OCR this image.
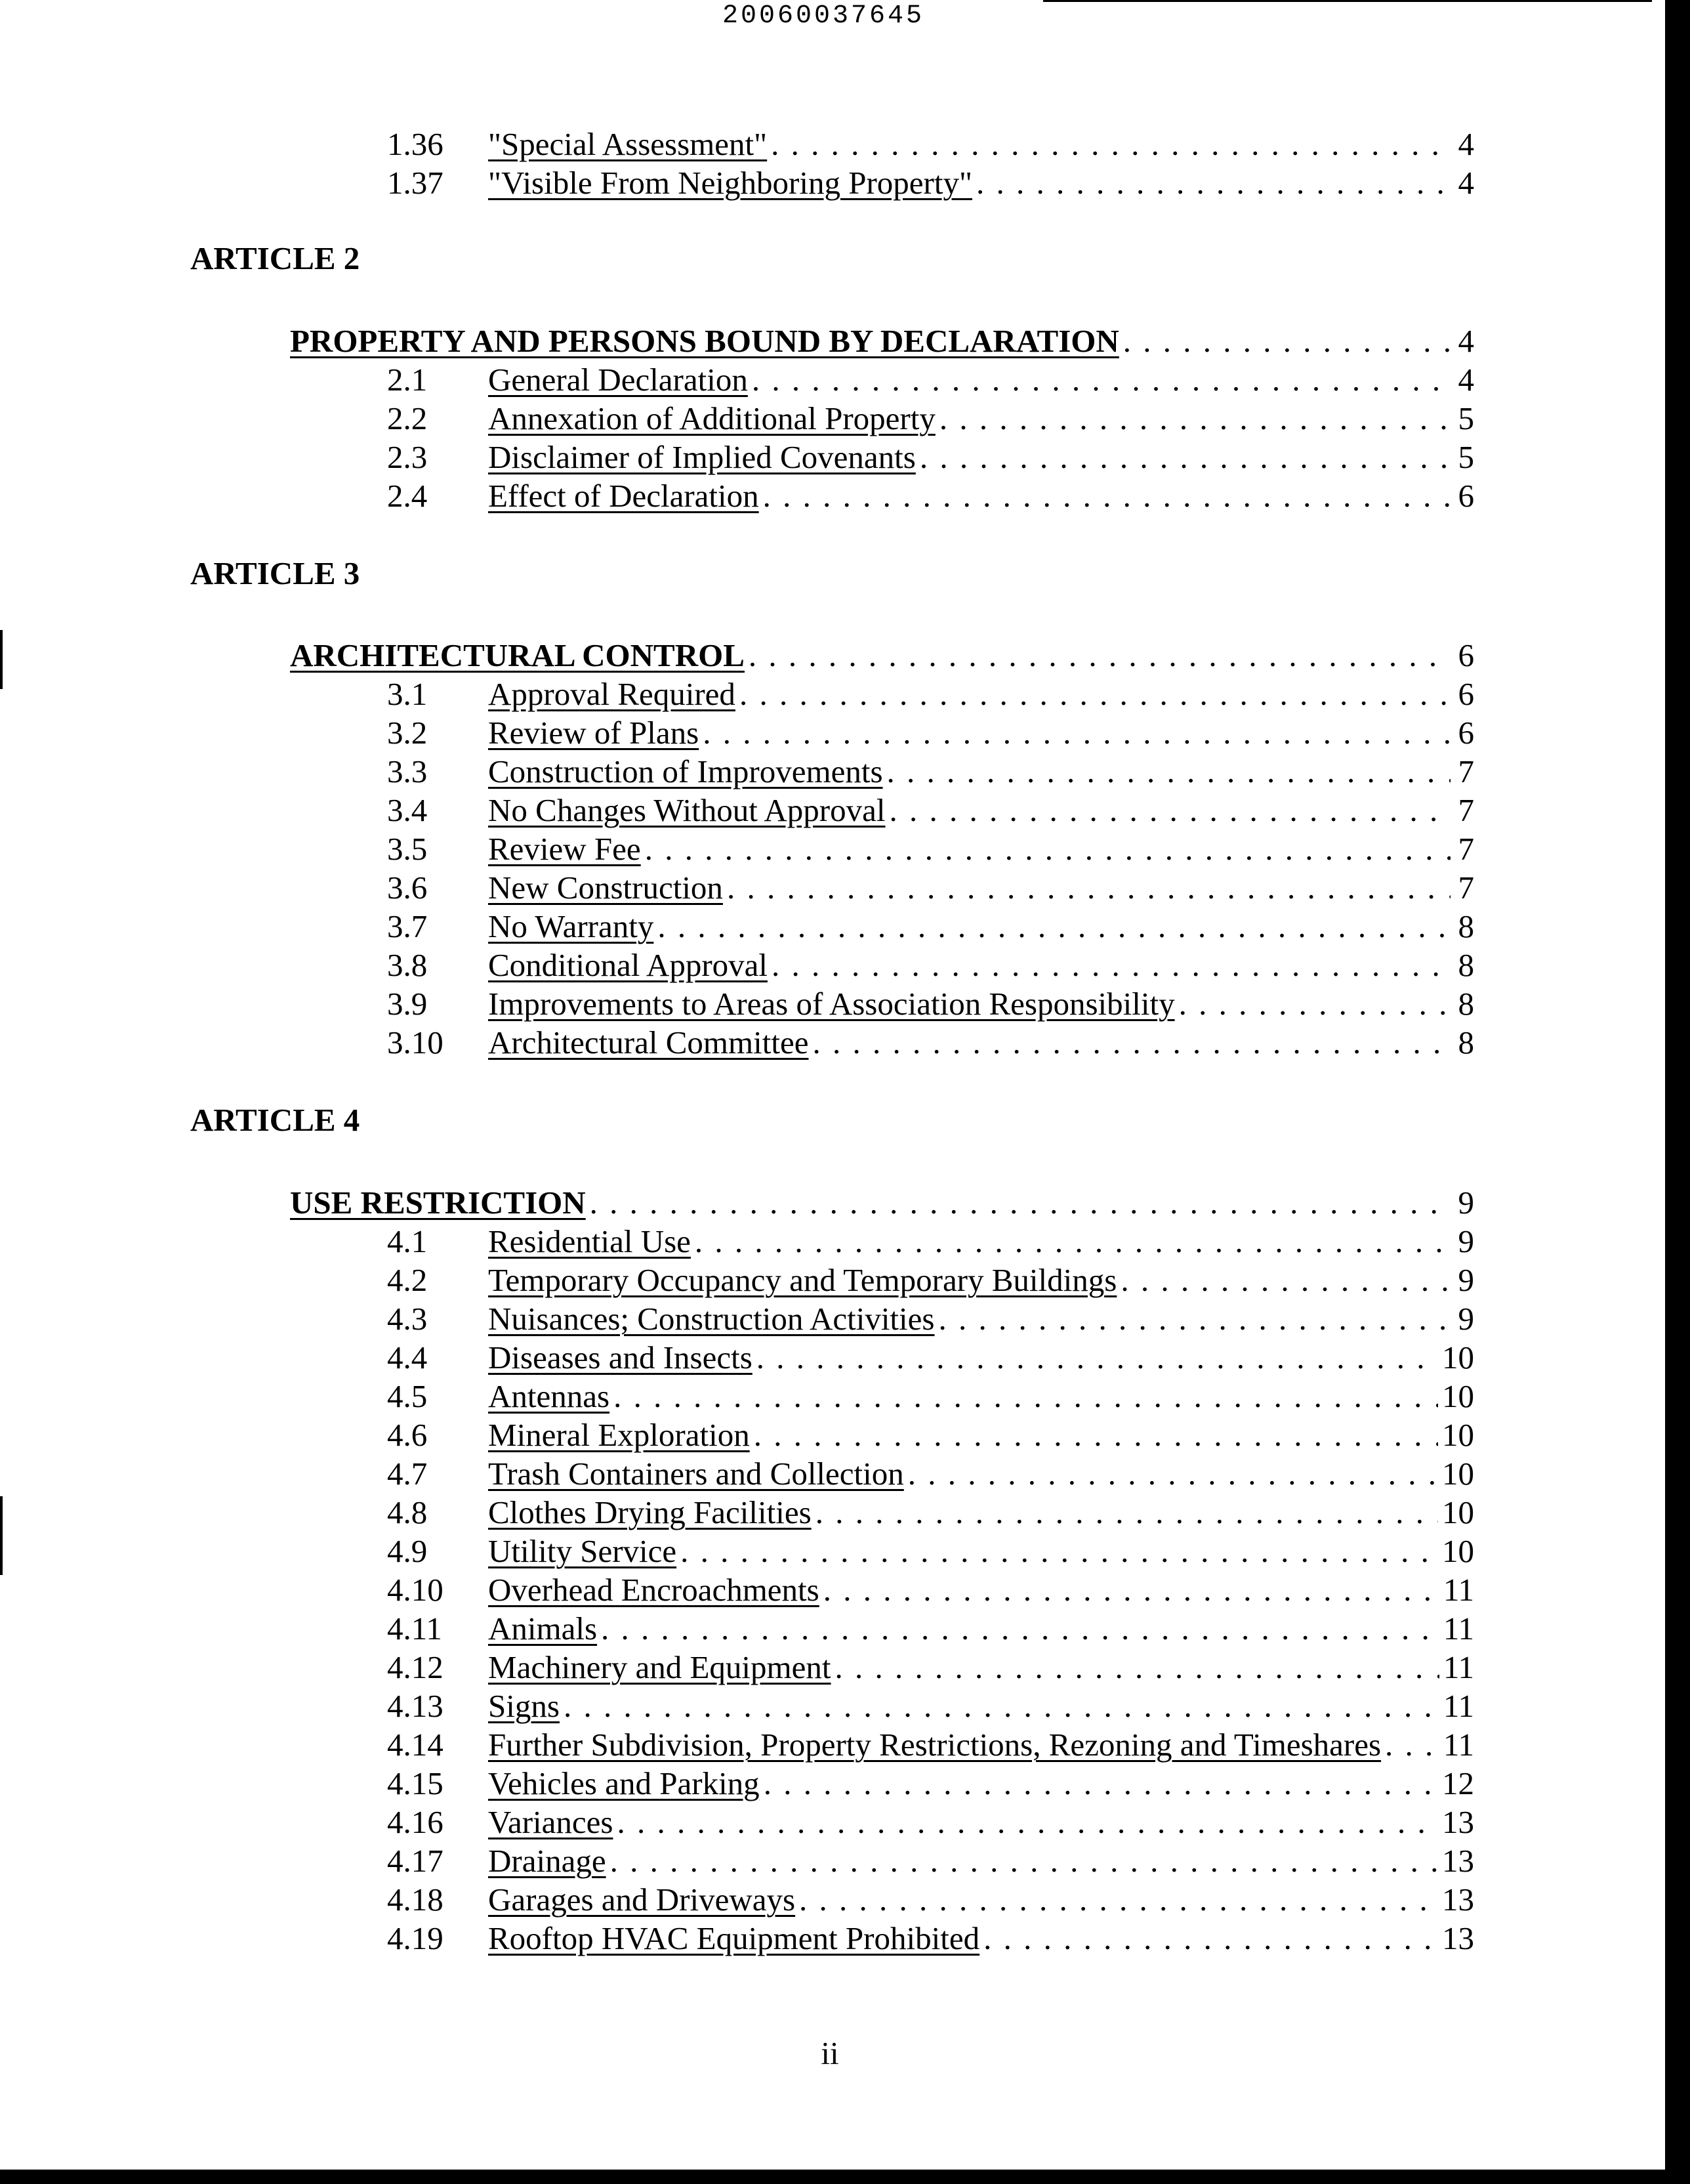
20060037645
1.36	"Special Assessment" . . .	4
1.37	"Visible From Neighboring Property" . . .	4
ARTICLE 2
PROPERTY AND PERSONS BOUND BY DECLARATION . . .	4
2.1	General Declaration . . .	4
2.2	Annexation of Additional Property . . .	5
2.3	Disclaimer of Implied Covenants . . .	5
2.4	Effect of Declaration . . .	6
ARTICLE 3
ARCHITECTURAL CONTROL . . .	6
3.1	Approval Required . . .	6
3.2	Review of Plans . . .	6
3.3	Construction of Improvements . . .	7
3.4	No Changes Without Approval . . .	7
3.5	Review Fee . . .	7
3.6	New Construction . . .	7
3.7	No Warranty . . .	8
3.8	Conditional Approval . . .	8
3.9	Improvements to Areas of Association Responsibility . . .	8
3.10	Architectural Committee . . .	8
ARTICLE 4
USE RESTRICTION . . .	9
4.1	Residential Use . . .	9
4.2	Temporary Occupancy and Temporary Buildings . . .	9
4.3	Nuisances; Construction Activities . . .	9
4.4	Diseases and Insects . . .	10
4.5	Antennas . . .	10
4.6	Mineral Exploration . . .	10
4.7	Trash Containers and Collection . . .	10
4.8	Clothes Drying Facilities . . .	10
4.9	Utility Service . . .	10
4.10	Overhead Encroachments . . .	11
4.11	Animals . . .	11
4.12	Machinery and Equipment . . .	11
4.13	Signs . . .	11
4.14	Further Subdivision, Property Restrictions, Rezoning and Timeshares . . . 11
4.15	Vehicles and Parking . . .	12
4.16	Variances . . .	13
4.17	Drainage . . .	13
4.18	Garages and Driveways . . .	13
4.19	Rooftop HVAC Equipment Prohibited . . .	13
ii
